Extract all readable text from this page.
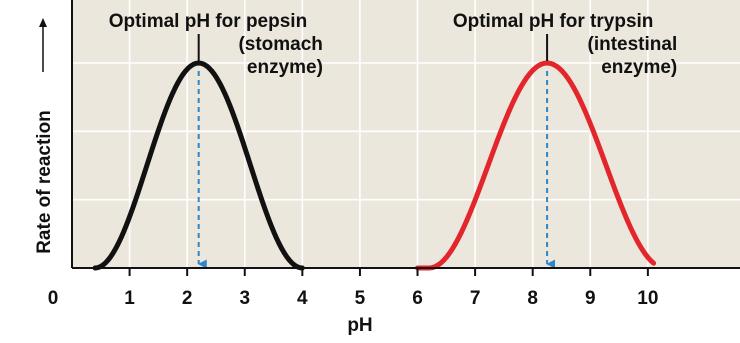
Optimal pH for pepsin
(stomach
enzyme)
Optimal pH for trypsin
(intestinal
enzyme)
0	1 2 3 4 5 6 7 8 9 10
pH
Rate of reaction
